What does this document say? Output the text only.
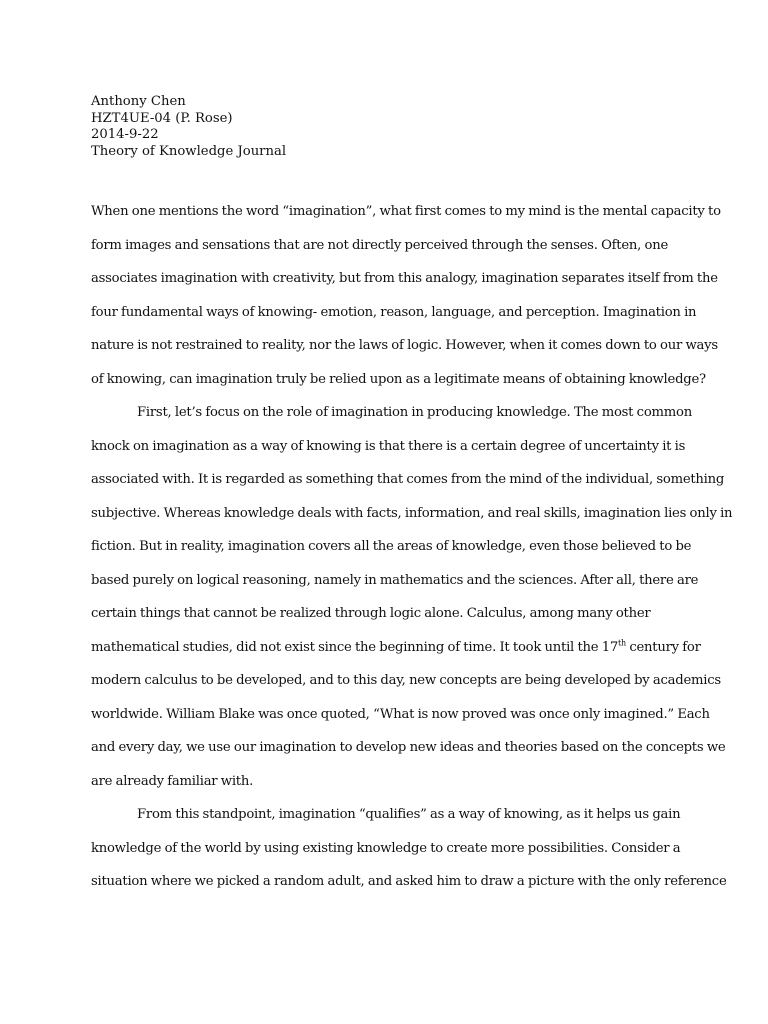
Anthony Chen
HZT4UE-04 (P. Rose)
2014-9-22
Theory of Knowledge Journal
When one mentions the word “imagination”, what first comes to my mind is the mental capacity to
form images and sensations that are not directly perceived through the senses. Often, one
associates imagination with creativity, but from this analogy, imagination separates itself from the
four fundamental ways of knowing- emotion, reason, language, and perception. Imagination in
nature is not restrained to reality, nor the laws of logic. However, when it comes down to our ways
of knowing, can imagination truly be relied upon as a legitimate means of obtaining knowledge?
First, let’s focus on the role of imagination in producing knowledge. The most common
knock on imagination as a way of knowing is that there is a certain degree of uncertainty it is
associated with. It is regarded as something that comes from the mind of the individual, something
subjective. Whereas knowledge deals with facts, information, and real skills, imagination lies only in
fiction. But in reality, imagination covers all the areas of knowledge, even those believed to be
based purely on logical reasoning, namely in mathematics and the sciences. After all, there are
certain things that cannot be realized through logic alone. Calculus, among many other
mathematical studies, did not exist since the beginning of time. It took until the 17th century for
modern calculus to be developed, and to this day, new concepts are being developed by academics
worldwide. William Blake was once quoted, “What is now proved was once only imagined.” Each
and every day, we use our imagination to develop new ideas and theories based on the concepts we
are already familiar with.
From this standpoint, imagination “qualifies” as a way of knowing, as it helps us gain
knowledge of the world by using existing knowledge to create more possibilities. Consider a
situation where we picked a random adult, and asked him to draw a picture with the only reference
